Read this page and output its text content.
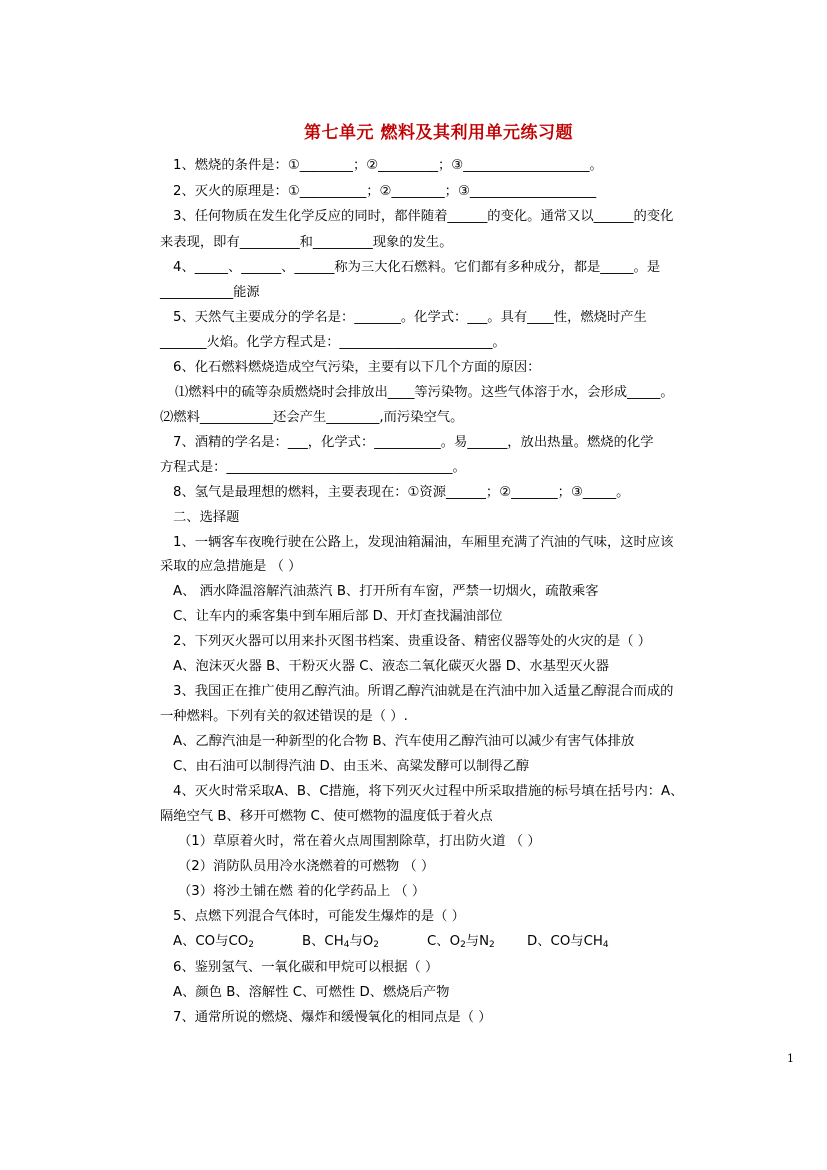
第七单元 燃料及其利用单元练习题
1、燃烧的条件是：①________；②_________；③___________________。
2、灭火的原理是：①__________；②________；③___________________
3、任何物质在发生化学反应的同时，都伴随着______的变化。通常又以______的变化
来表现，即有_________和_________现象的发生。
4、_____、______、______称为三大化石燃料。它们都有多种成分，都是_____。是
___________能源
5、天然气主要成分的学名是：_______。化学式：___。具有____性，燃烧时产生
_______火焰。化学方程式是：_______________________。
6、化石燃料燃烧造成空气污染，主要有以下几个方面的原因：
⑴燃料中的硫等杂质燃烧时会排放出____等污染物。这些气体溶于水，会形成_____。
⑵燃料___________还会产生________,而污染空气。
7、酒精的学名是：___，化学式：__________。易______，放出热量。燃烧的化学
方程式是：__________________________________。
8、氢气是最理想的燃料，主要表现在：①资源______；②_______；③_____。
二、选择题
1、一辆客车夜晚行驶在公路上，发现油箱漏油，车厢里充满了汽油的气味，这时应该
采取的应急措施是 （ ）
A、 洒水降温溶解汽油蒸汽 B、打开所有车窗，严禁一切烟火，疏散乘客
C、让车内的乘客集中到车厢后部 D、开灯查找漏油部位
2、下列灭火器可以用来扑灭图书档案、贵重设备、精密仪器等处的火灾的是（ ）
A、泡沫灭火器 B、干粉灭火器 C、液态二氧化碳灭火器 D、水基型灭火器
3、我国正在推广使用乙醇汽油。所谓乙醇汽油就是在汽油中加入适量乙醇混合而成的
一种燃料。下列有关的叙述错误的是（ ）.
A、乙醇汽油是一种新型的化合物 B、汽车使用乙醇汽油可以减少有害气体排放
C、由石油可以制得汽油 D、由玉米、高粱发酵可以制得乙醇
4、灭火时常采取A、B、C措施，将下列灭火过程中所采取措施的标号填在括号内：A、
隔绝空气 B、移开可燃物 C、使可燃物的温度低于着火点
（1）草原着火时，常在着火点周围割除草，打出防火道 （ ）
（2）消防队员用冷水浇燃着的可燃物 （ ）
（3）将沙土铺在燃 着的化学药品上 （ ）
5、点燃下列混合气体时，可能发生爆炸的是（ ）
6、鉴别氢气、一氧化碳和甲烷可以根据（ ）
A、颜色 B、溶解性 C、可燃性 D、燃烧后产物
7、通常所说的燃烧、爆炸和缓慢氧化的相同点是（ ）
A、CO与$CO_2$	B、$CH_4$与$O_2$	C、$O_2$与$N_2$ D、CO与$CH_4$
1
